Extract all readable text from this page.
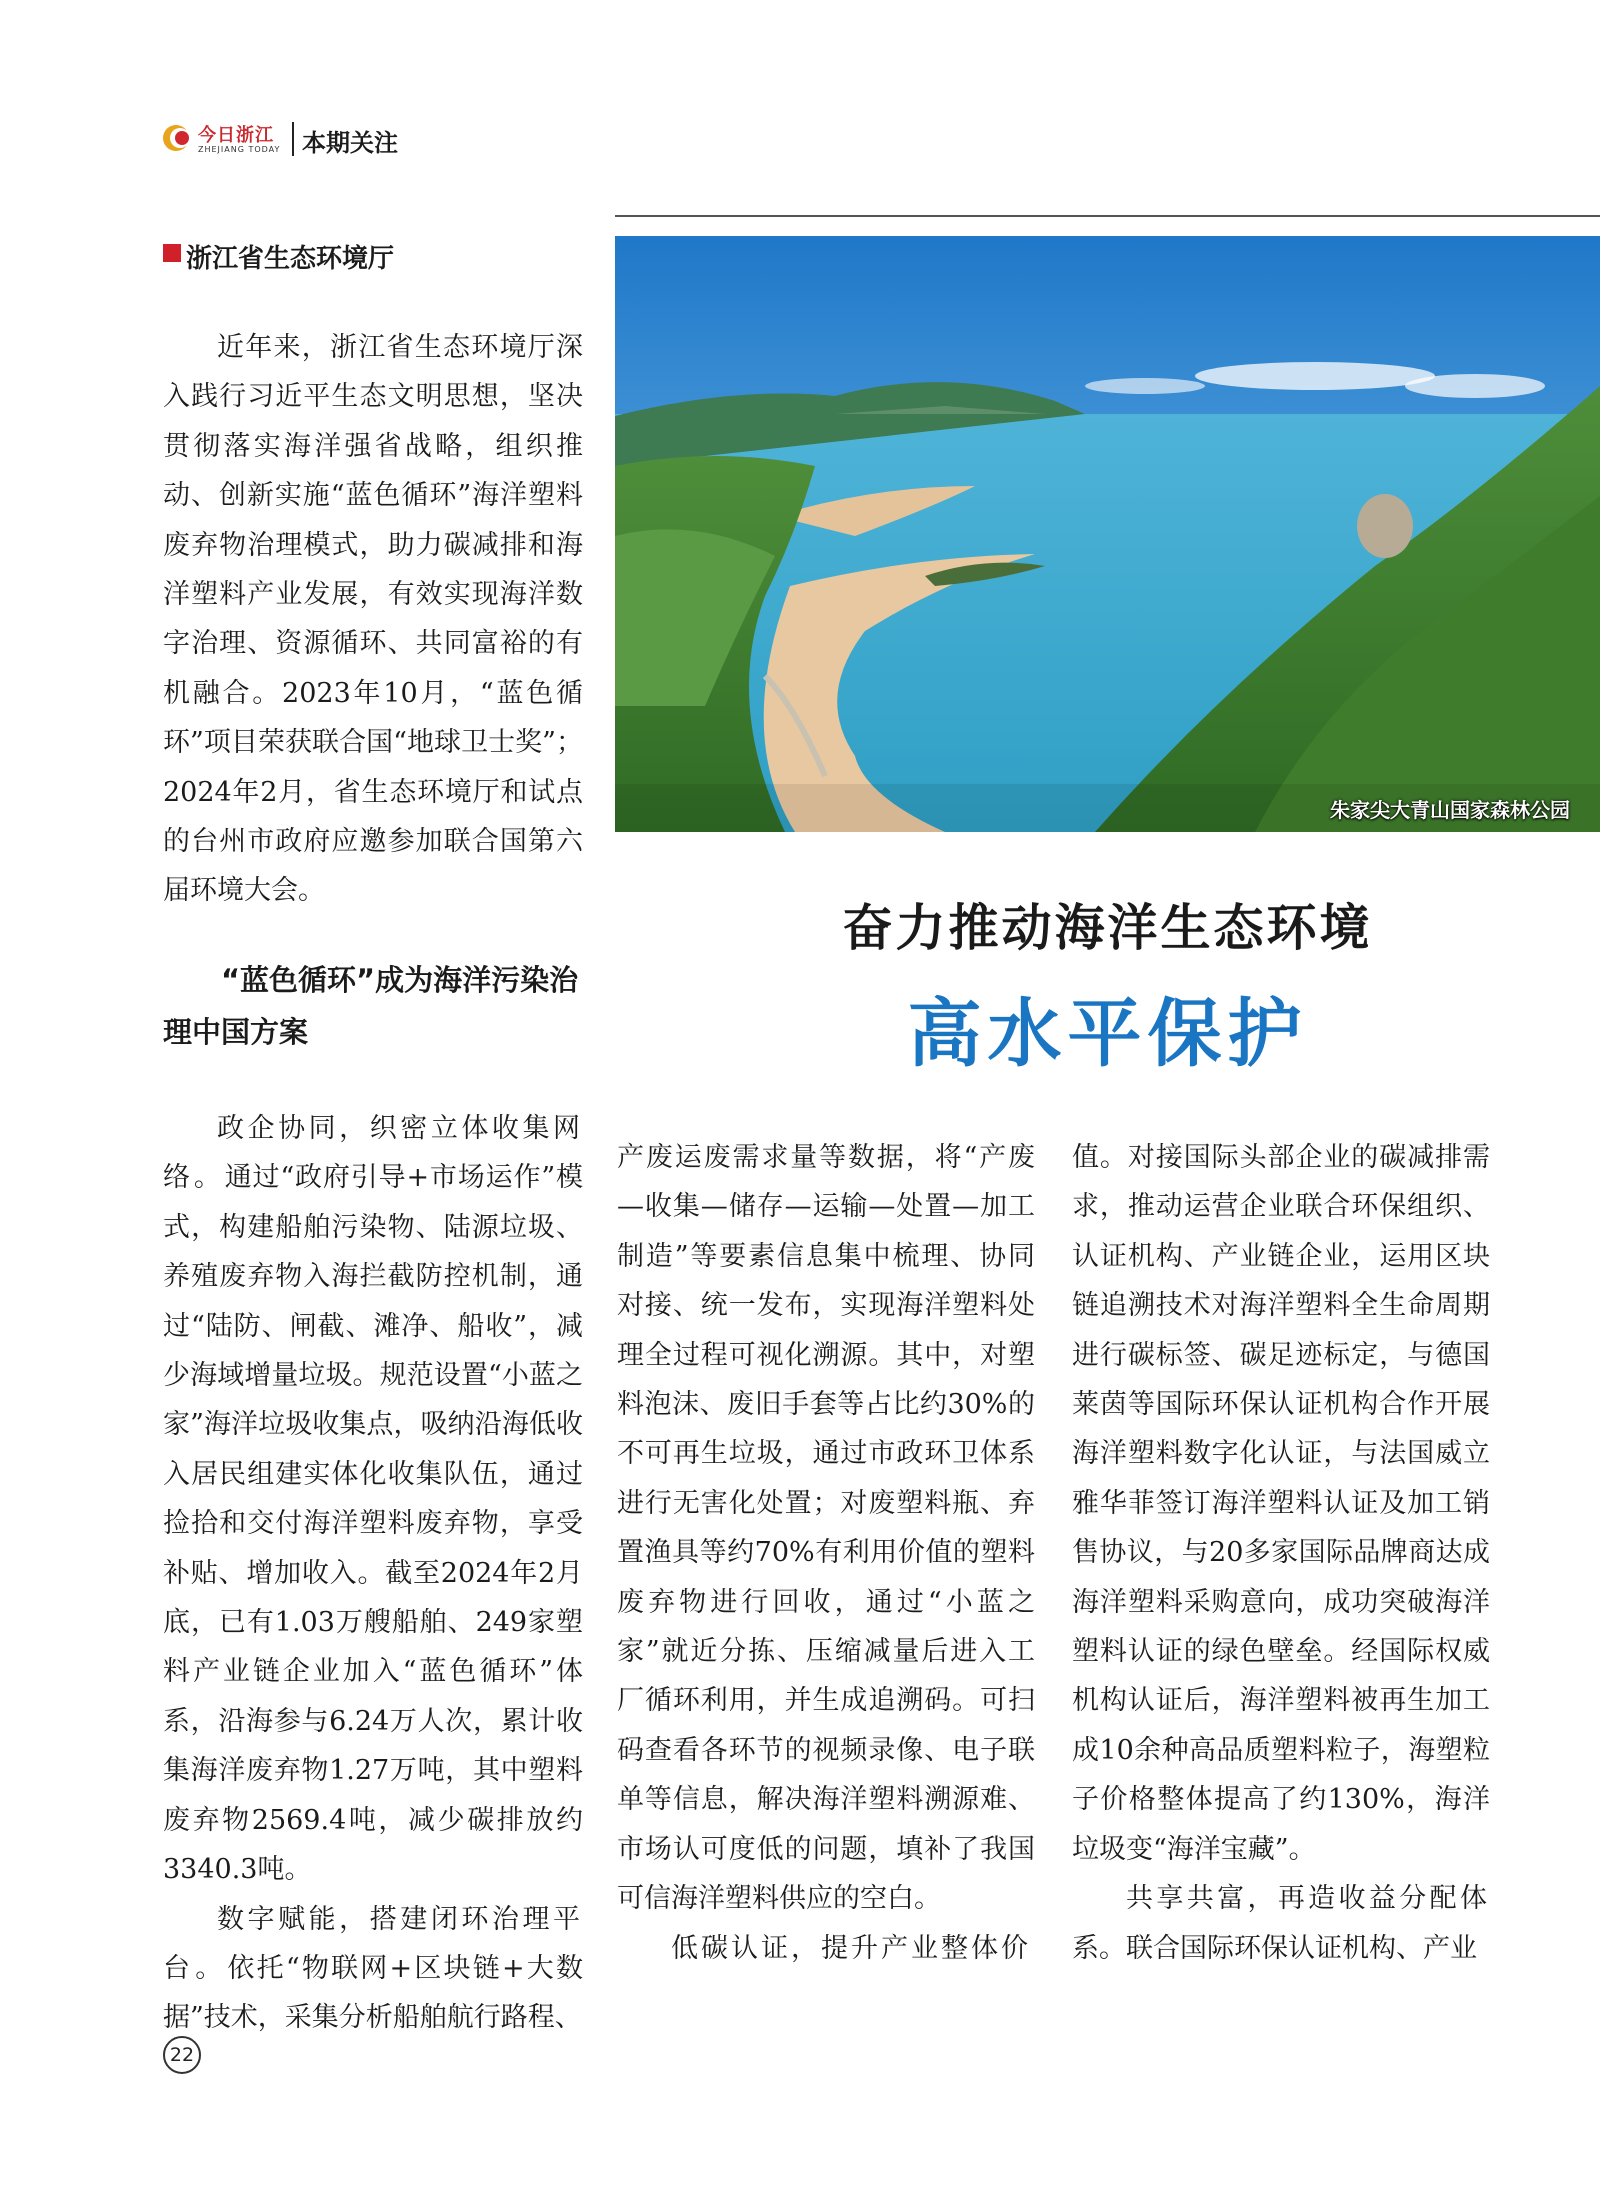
今日浙江
ZHEJIANG TODAY 本期关注
浙江省生态环境厅
朱家尖大青山国家森林公园
奋力推动海洋生态环境
高水平保护

近年来，浙江省生态环境厅深入践行习近平生态文明思想，坚决贯彻落实海洋强省战略，组织推动、创新实施“蓝色循环”海洋塑料废弃物治理模式，助力碳减排和海洋塑料产业发展，有效实现海洋数字治理、资源循环、共同富裕的有机融合。2023年10月，“蓝色循环”项目荣获联合国“地球卫士奖”；2024年2月，省生态环境厅和试点的台州市政府应邀参加联合国第六届环境大会。

“蓝色循环”成为海洋污染治理中国方案

政企协同，织密立体收集网络。通过“政府引导+市场运作”模式，构建船舶污染物、陆源垃圾、养殖废弃物入海拦截防控机制，通过“陆防、闸截、滩净、船收”，减少海域增量垃圾。规范设置“小蓝之家”海洋垃圾收集点，吸纳沿海低收入居民组建实体化收集队伍，通过捡拾和交付海洋塑料废弃物，享受补贴、增加收入。截至2024年2月底，已有1.03万艘船舶、249家塑料产业链企业加入“蓝色循环”体系，沿海参与6.24万人次，累计收集海洋废弃物1.27万吨，其中塑料废弃物2569.4吨，减少碳排放约3340.3吨。

数字赋能，搭建闭环治理平台。依托“物联网+区块链+大数据”技术，采集分析船舶航行路程、

产废运废需求量等数据，将“产废—收集—储存—运输—处置—加工制造”等要素信息集中梳理、协同对接、统一发布，实现海洋塑料处理全过程可视化溯源。其中，对塑料泡沫、废旧手套等占比约30%的不可再生垃圾，通过市政环卫体系进行无害化处置；对废塑料瓶、弃置渔具等约70%有利用价值的塑料废弃物进行回收，通过“小蓝之家”就近分拣、压缩减量后进入工厂循环利用，并生成追溯码。可扫码查看各环节的视频录像、电子联单等信息，解决海洋塑料溯源难、市场认可度低的问题，填补了我国可信海洋塑料供应的空白。

低碳认证，提升产业整体价

值。对接国际头部企业的碳减排需求，推动运营企业联合环保组织、认证机构、产业链企业，运用区块链追溯技术对海洋塑料全生命周期进行碳标签、碳足迹标定，与德国莱茵等国际环保认证机构合作开展海洋塑料数字化认证，与法国威立雅华菲签订海洋塑料认证及加工销售协议，与20多家国际品牌商达成海洋塑料采购意向，成功突破海洋塑料认证的绿色壁垒。经国际权威机构认证后，海洋塑料被再生加工成10余种高品质塑料粒子，海塑粒子价格整体提高了约130%，海洋垃圾变“海洋宝藏”。

共享共富，再造收益分配体系。联合国际环保认证机构、产业

22
